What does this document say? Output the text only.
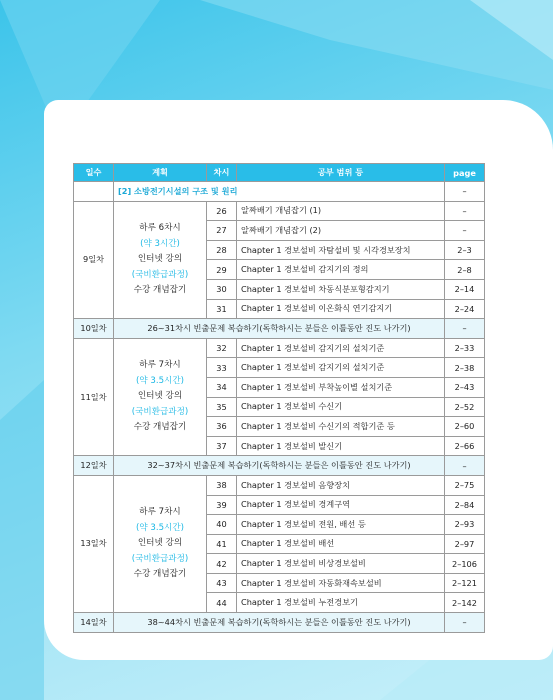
일수	계획	차시	공부 범위 등	page
	[2] 소방전기시설의 구조 및 원리			–
9일차	하루 6차시
(약 3시간)
인터넷 강의
(국비환급과정)
수강 개념잡기	26	알짜배기 개념잡기 (1)	–
		27	알짜배기 개념잡기 (2)	–
		28	Chapter 1 경보설비 자탐설비 및 시각경보장치	2–3
		29	Chapter 1 경보설비 감지기의 정의	2–8
		30	Chapter 1 경보설비 차동식분포형감지기	2–14
		31	Chapter 1 경보설비 이온화식 연기감지기	2–24
10일차	26~31차시 빈출문제 복습하기(독학하시는 분들은 이틀동안 진도 나가기)			–
11일차	하루 7차시
(약 3.5시간)
인터넷 강의
(국비환급과정)
수강 개념잡기	32	Chapter 1 경보설비 감지기의 설치기준	2–33
		33	Chapter 1 경보설비 감지기의 설치기준	2–38
		34	Chapter 1 경보설비 부착높이별 설치기준	2–43
		35	Chapter 1 경보설비 수신기	2–52
		36	Chapter 1 경보설비 수신기의 적합기준 등	2–60
		37	Chapter 1 경보설비 발신기	2–66
12일차	32~37차시 빈출문제 복습하기(독학하시는 분들은 이틀동안 진도 나가기)			–
13일차	하루 7차시
(약 3.5시간)
인터넷 강의
(국비환급과정)
수강 개념잡기	38	Chapter 1 경보설비 음향장치	2–75
		39	Chapter 1 경보설비 경계구역	2–84
		40	Chapter 1 경보설비 전원, 배선 등	2–93
		41	Chapter 1 경보설비 배선	2–97
		42	Chapter 1 경보설비 비상경보설비	2–106
		43	Chapter 1 경보설비 자동화재속보설비	2–121
		44	Chapter 1 경보설비 누전경보기	2–142
14일차	38~44차시 빈출문제 복습하기(독학하시는 분들은 이틀동안 진도 나가기)			–
